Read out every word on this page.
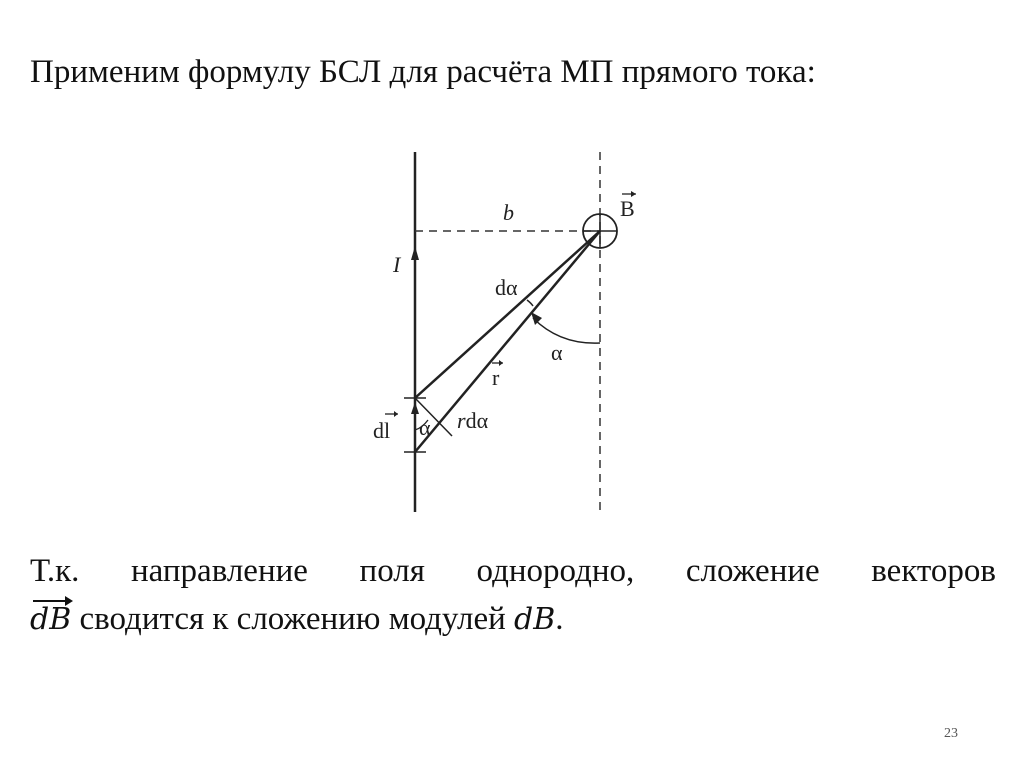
Применим формулу БСЛ для расчёта МП прямого тока:
b	B
I
dα
α
r
dl α rdα
Т.к. направление поля однородно, сложение векторов
dB сводится к сложению модулей dB.
23
